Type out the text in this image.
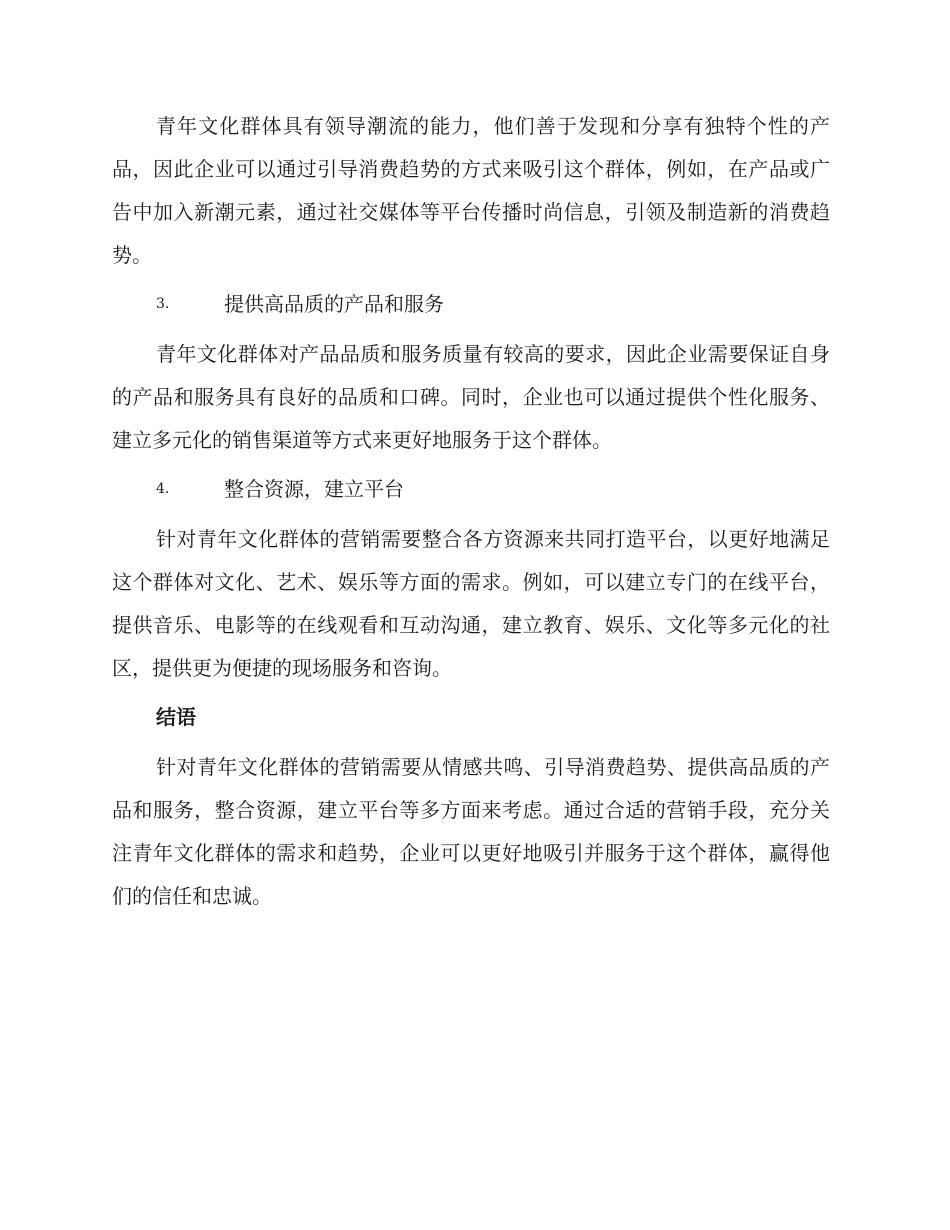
青年文化群体具有领导潮流的能力，他们善于发现和分享有独特个性的产品，因此企业可以通过引导消费趋势的方式来吸引这个群体，例如，在产品或广告中加入新潮元素，通过社交媒体等平台传播时尚信息，引领及制造新的消费趋势。

3.	提供高品质的产品和服务

青年文化群体对产品品质和服务质量有较高的要求，因此企业需要保证自身的产品和服务具有良好的品质和口碑。同时，企业也可以通过提供个性化服务、建立多元化的销售渠道等方式来更好地服务于这个群体。

4.	整合资源，建立平台

针对青年文化群体的营销需要整合各方资源来共同打造平台，以更好地满足这个群体对文化、艺术、娱乐等方面的需求。例如，可以建立专门的在线平台，提供音乐、电影等的在线观看和互动沟通，建立教育、娱乐、文化等多元化的社区，提供更为便捷的现场服务和咨询。

结语

针对青年文化群体的营销需要从情感共鸣、引导消费趋势、提供高品质的产品和服务，整合资源，建立平台等多方面来考虑。通过合适的营销手段，充分关注青年文化群体的需求和趋势，企业可以更好地吸引并服务于这个群体，赢得他们的信任和忠诚。
